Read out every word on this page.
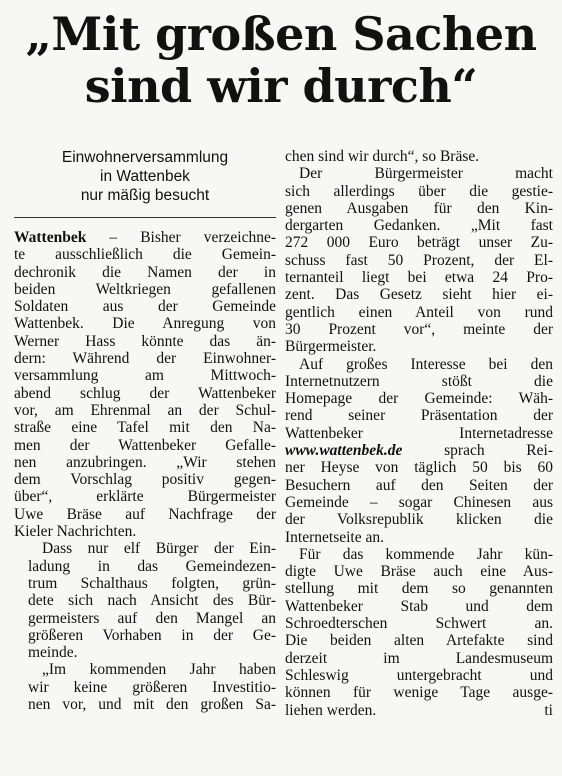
„Mit großen Sachen
sind wir durch“
Einwohnerversammlung
in Wattenbek
nur mäßig besucht

Wattenbek – Bisher verzeichne-
te ausschließlich die Gemein-
dechronik die Namen der in
beiden Weltkriegen gefallenen
Soldaten aus der Gemeinde
Wattenbek. Die Anregung von
Werner Hass könnte das än-
dern: Während der Einwohner-
versammlung am Mittwoch-
abend schlug der Wattenbeker
vor, am Ehrenmal an der Schul-
straße eine Tafel mit den Na-
men der Wattenbeker Gefalle-
nen anzubringen. „Wir stehen
dem Vorschlag positiv gegen-
über“, erklärte Bürgermeister
Uwe Bräse auf Nachfrage der
Kieler Nachrichten.

Dass nur elf Bürger der Ein-
ladung in das Gemeindezen-
trum Schalthaus folgten, grün-
dete sich nach Ansicht des Bür-
germeisters auf den Mangel an
größeren Vorhaben in der Ge-
meinde.

„Im kommenden Jahr haben
wir keine größeren Investitio-
nen vor, und mit den großen Sa-

chen sind wir durch“, so Bräse.

Der Bürgermeister macht
sich allerdings über die gestie-
genen Ausgaben für den Kin-
dergarten Gedanken. „Mit fast
272 000 Euro beträgt unser Zu-
schuss fast 50 Prozent, der El-
ternanteil liegt bei etwa 24 Pro-
zent. Das Gesetz sieht hier ei-
gentlich einen Anteil von rund
30 Prozent vor“, meinte der
Bürgermeister.

Auf großes Interesse bei den
Internetnutzern stößt die
Homepage der Gemeinde: Wäh-
rend seiner Präsentation der
Wattenbeker Internetadresse
www.wattenbek.de sprach Rei-
ner Heyse von täglich 50 bis 60

Besuchern auf den Seiten der
Gemeinde – sogar Chinesen aus
der Volksrepublik klicken die
Internetseite an.

Für das kommende Jahr kün-
digte Uwe Bräse auch eine Aus-
stellung mit dem so genannten
Wattenbeker Stab und dem
Schroedterschen Schwert an.
Die beiden alten Artefakte sind
derzeit im Landesmuseum
Schleswig untergebracht und
können für wenige Tage ausge-
liehen werden.	ti
